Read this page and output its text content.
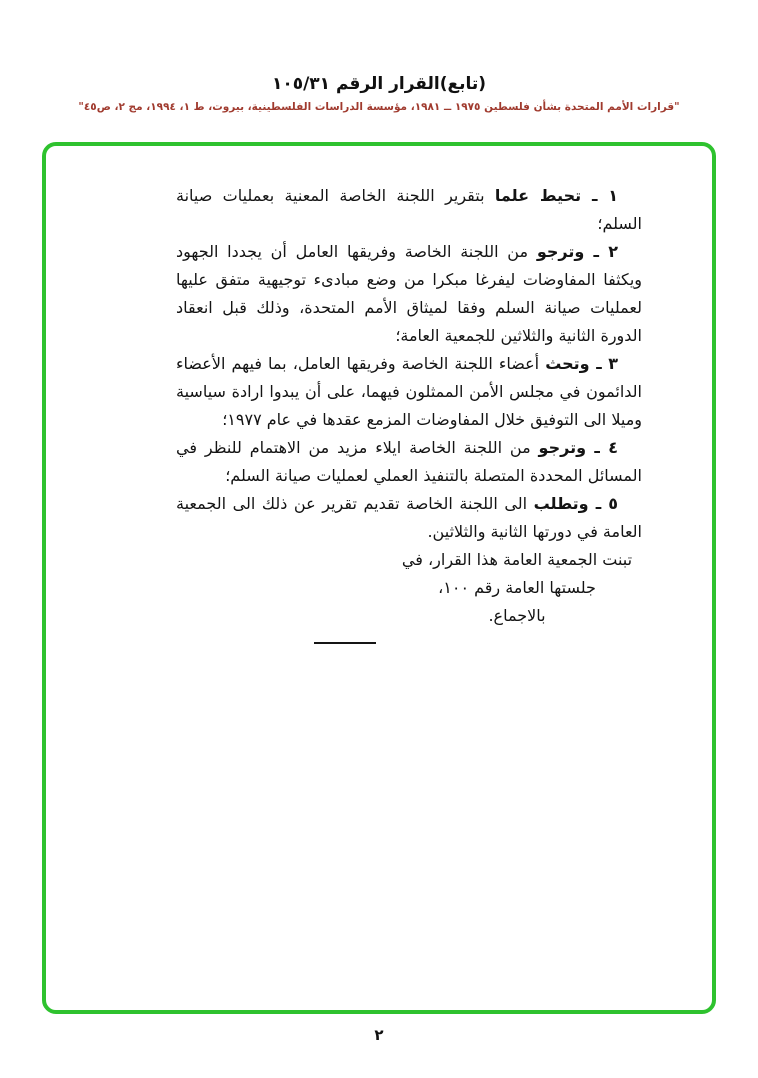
(تابع)القرار الرقم ١٠٥/٣١
"قرارات الأمم المتحدة بشأن فلسطين ١٩٧٥ ــ ١٩٨١، مؤسسة الدراسات الفلسطينية، بيروت، ط ١، ١٩٩٤، مج ٢، ص٤٥"

١ ـ تحيط علما بتقرير اللجنة الخاصة المعنية بعمليات صيانة السلم؛

٢ ـ وترجو من اللجنة الخاصة وفريقها العامل أن يجددا الجهود ويكثفا المفاوضات ليفرغا مبكرا من وضع مبادىء توجيهية متفق عليها لعمليات صيانة السلم وفقا لميثاق الأمم المتحدة، وذلك قبل انعقاد الدورة الثانية والثلاثين للجمعية العامة؛

٣ ـ وتحث أعضاء اللجنة الخاصة وفريقها العامل، بما فيهم الأعضاء الدائمون في مجلس الأمن الممثلون فيهما، على أن يبدوا ارادة سياسية وميلا الى التوفيق خلال المفاوضات المزمع عقدها في عام ١٩٧٧؛

٤ ـ وترجو من اللجنة الخاصة ايلاء مزيد من الاهتمام للنظر في المسائل المحددة المتصلة بالتنفيذ العملي لعمليات صيانة السلم؛

٥ ـ وتطلب الى اللجنة الخاصة تقديم تقرير عن ذلك الى الجمعية العامة في دورتها الثانية والثلاثين.

تبنت الجمعية العامة هذا القرار، في
جلستها العامة رقم ١٠٠،
بالاجماع.
٢
